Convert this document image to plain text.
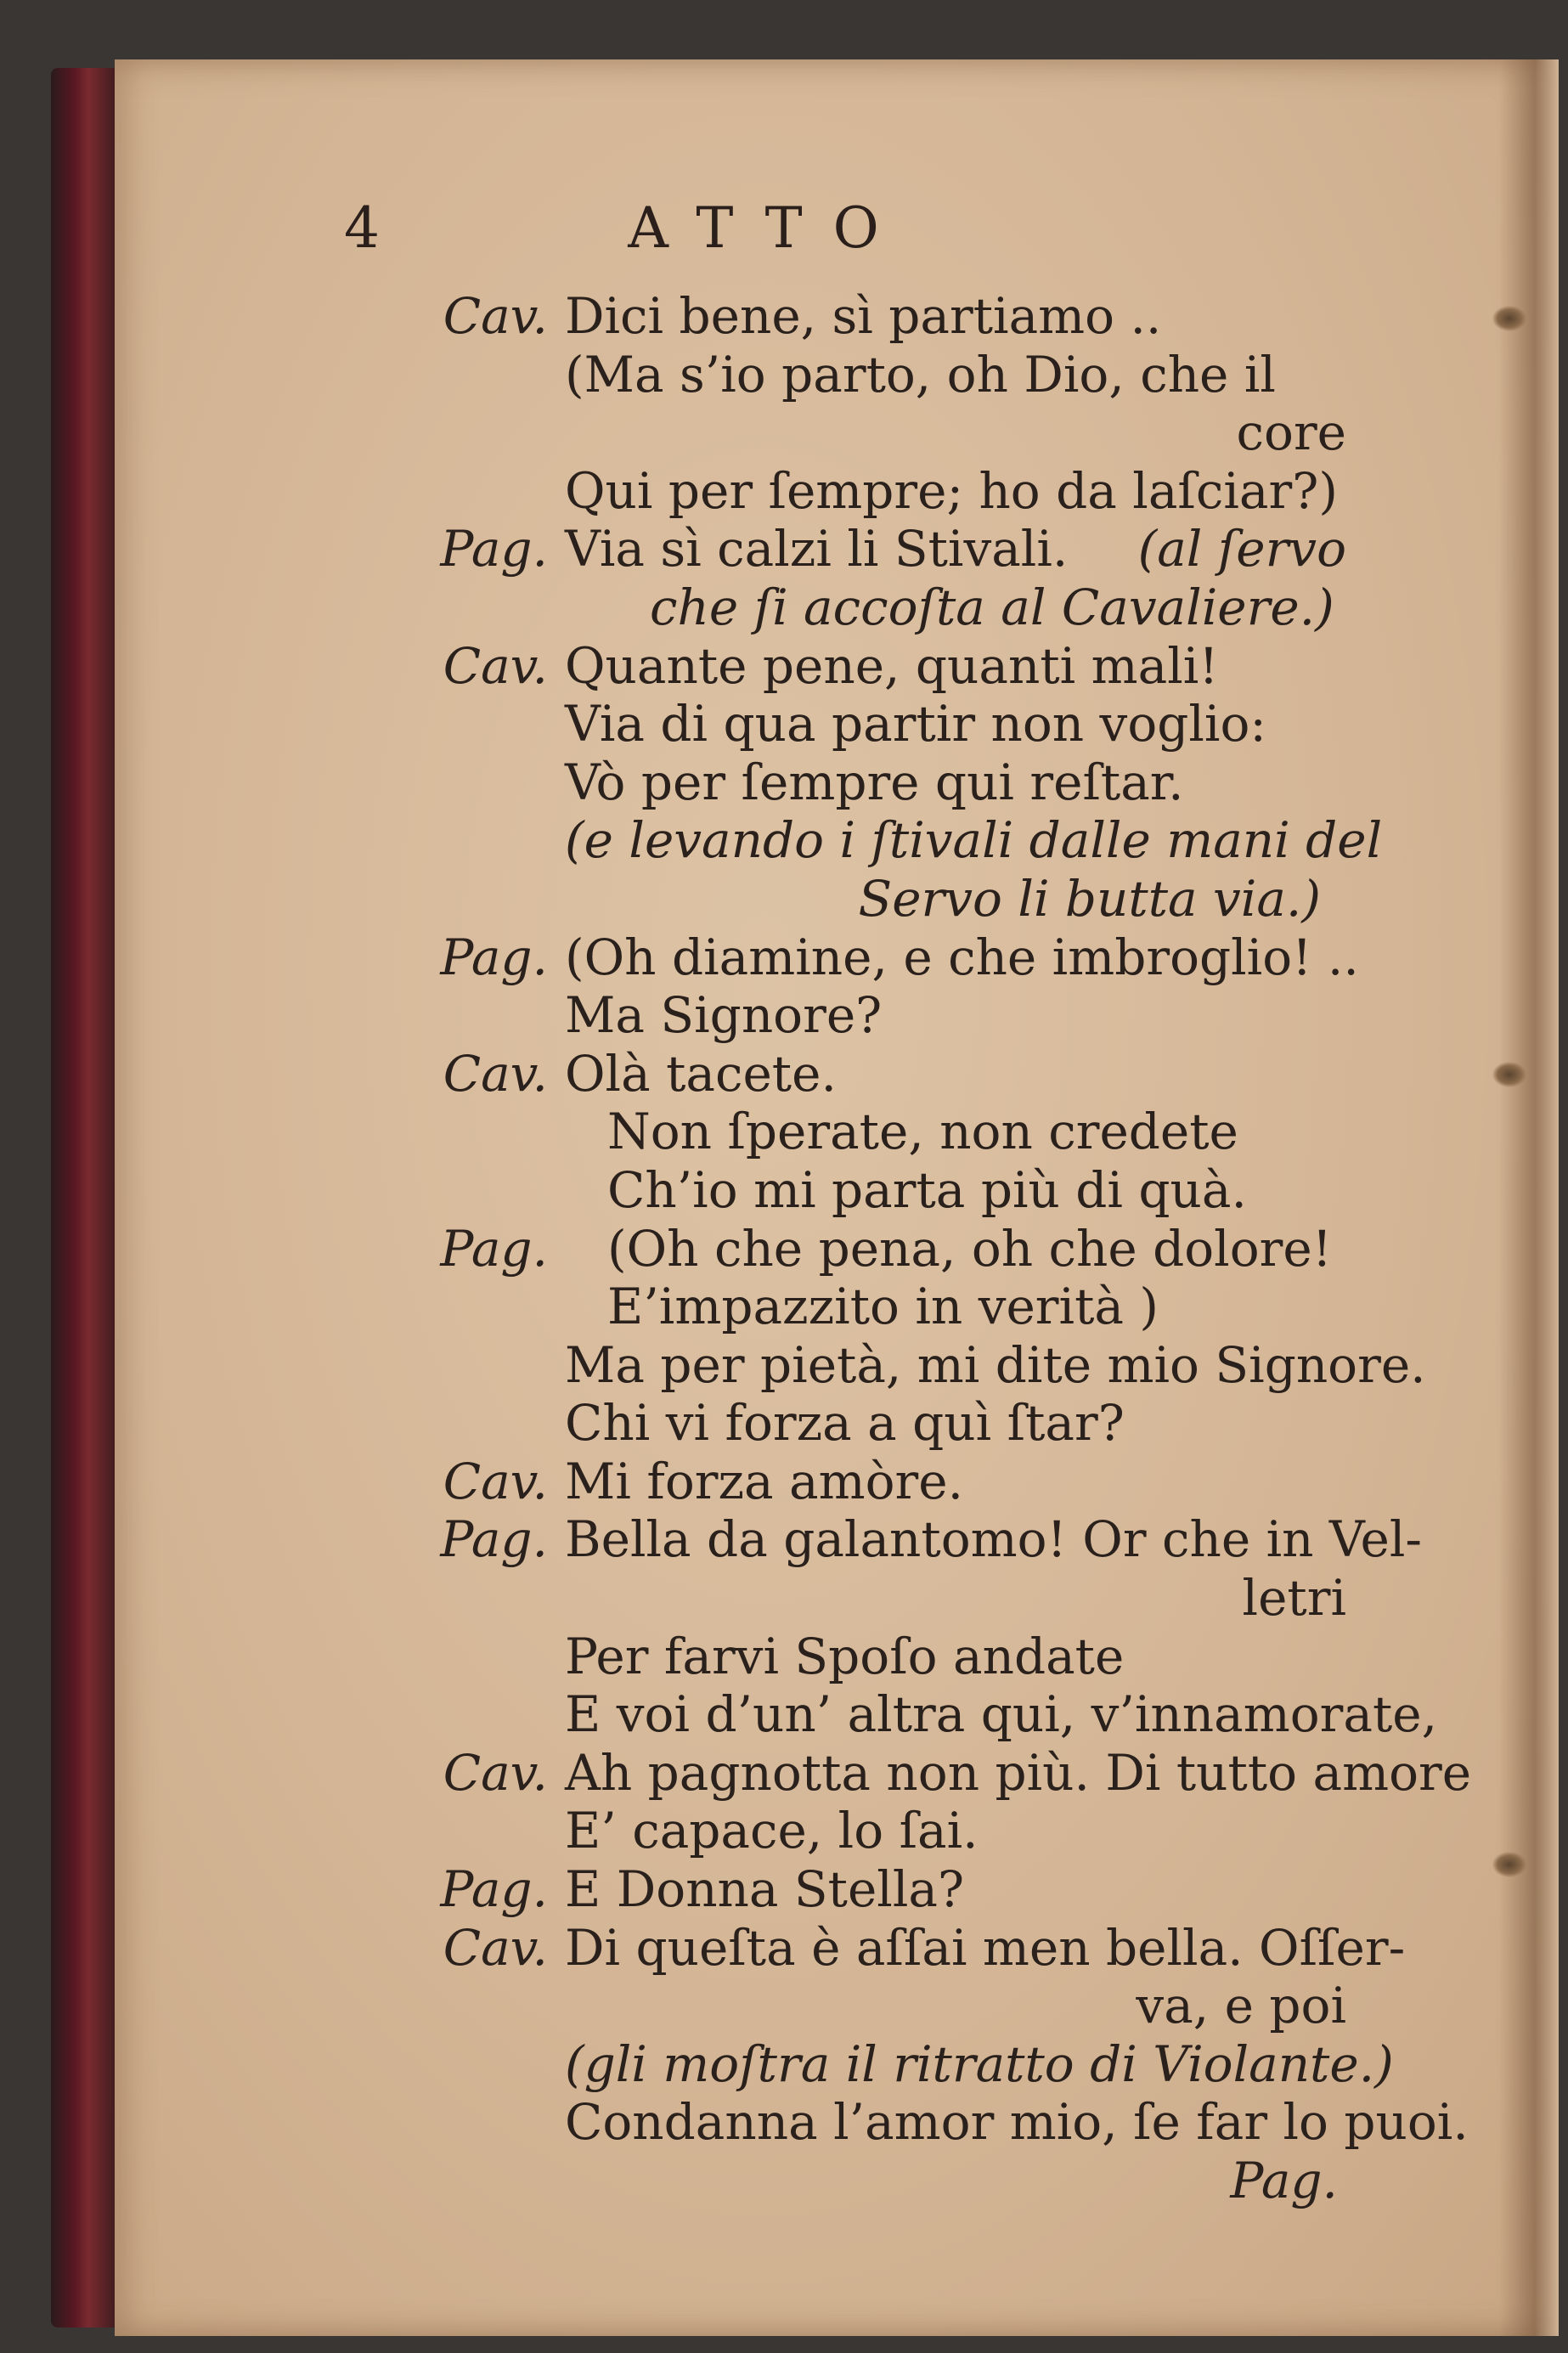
4	ATTO
Cav. Dici bene, sì partiamo ..
(Ma s’io parto, oh Dio, che il
core
Qui per ſempre; ho da laſciar?)
Pag. Via sì calzi li Stivali. (al ſervo
che ſi accoſta al Cavaliere.)
Cav. Quante pene, quanti mali!
Via di qua partir non voglio:
Vò per ſempre qui reſtar.
(e levando i ſtivali dalle mani del
Servo li butta via.)
Pag. (Oh diamine, e che imbroglio! ..
Ma Signore?
Cav. Olà tacete.
Non ſperate, non credete
Ch’io mi parta più di quà.
Pag. (Oh che pena, oh che dolore!
E’impazzito in verità )
Ma per pietà, mi dite mio Signore.
Chi vi forza a quì ſtar?
Cav. Mi forza amòre.
Pag. Bella da galantomo! Or che in Vel-
letri
Per farvi Spoſo andate
E voi d’un’ altra qui, v’innamorate,
Cav. Ah pagnotta non più. Di tutto amore
E’ capace, lo ſai.
Pag. E Donna Stella?
Cav. Di queſta è aſſai men bella. Oſſer-
va, e poi
(gli moſtra il ritratto di Violante.)
Condanna l’amor mio, ſe far lo puoi.
Pag.
